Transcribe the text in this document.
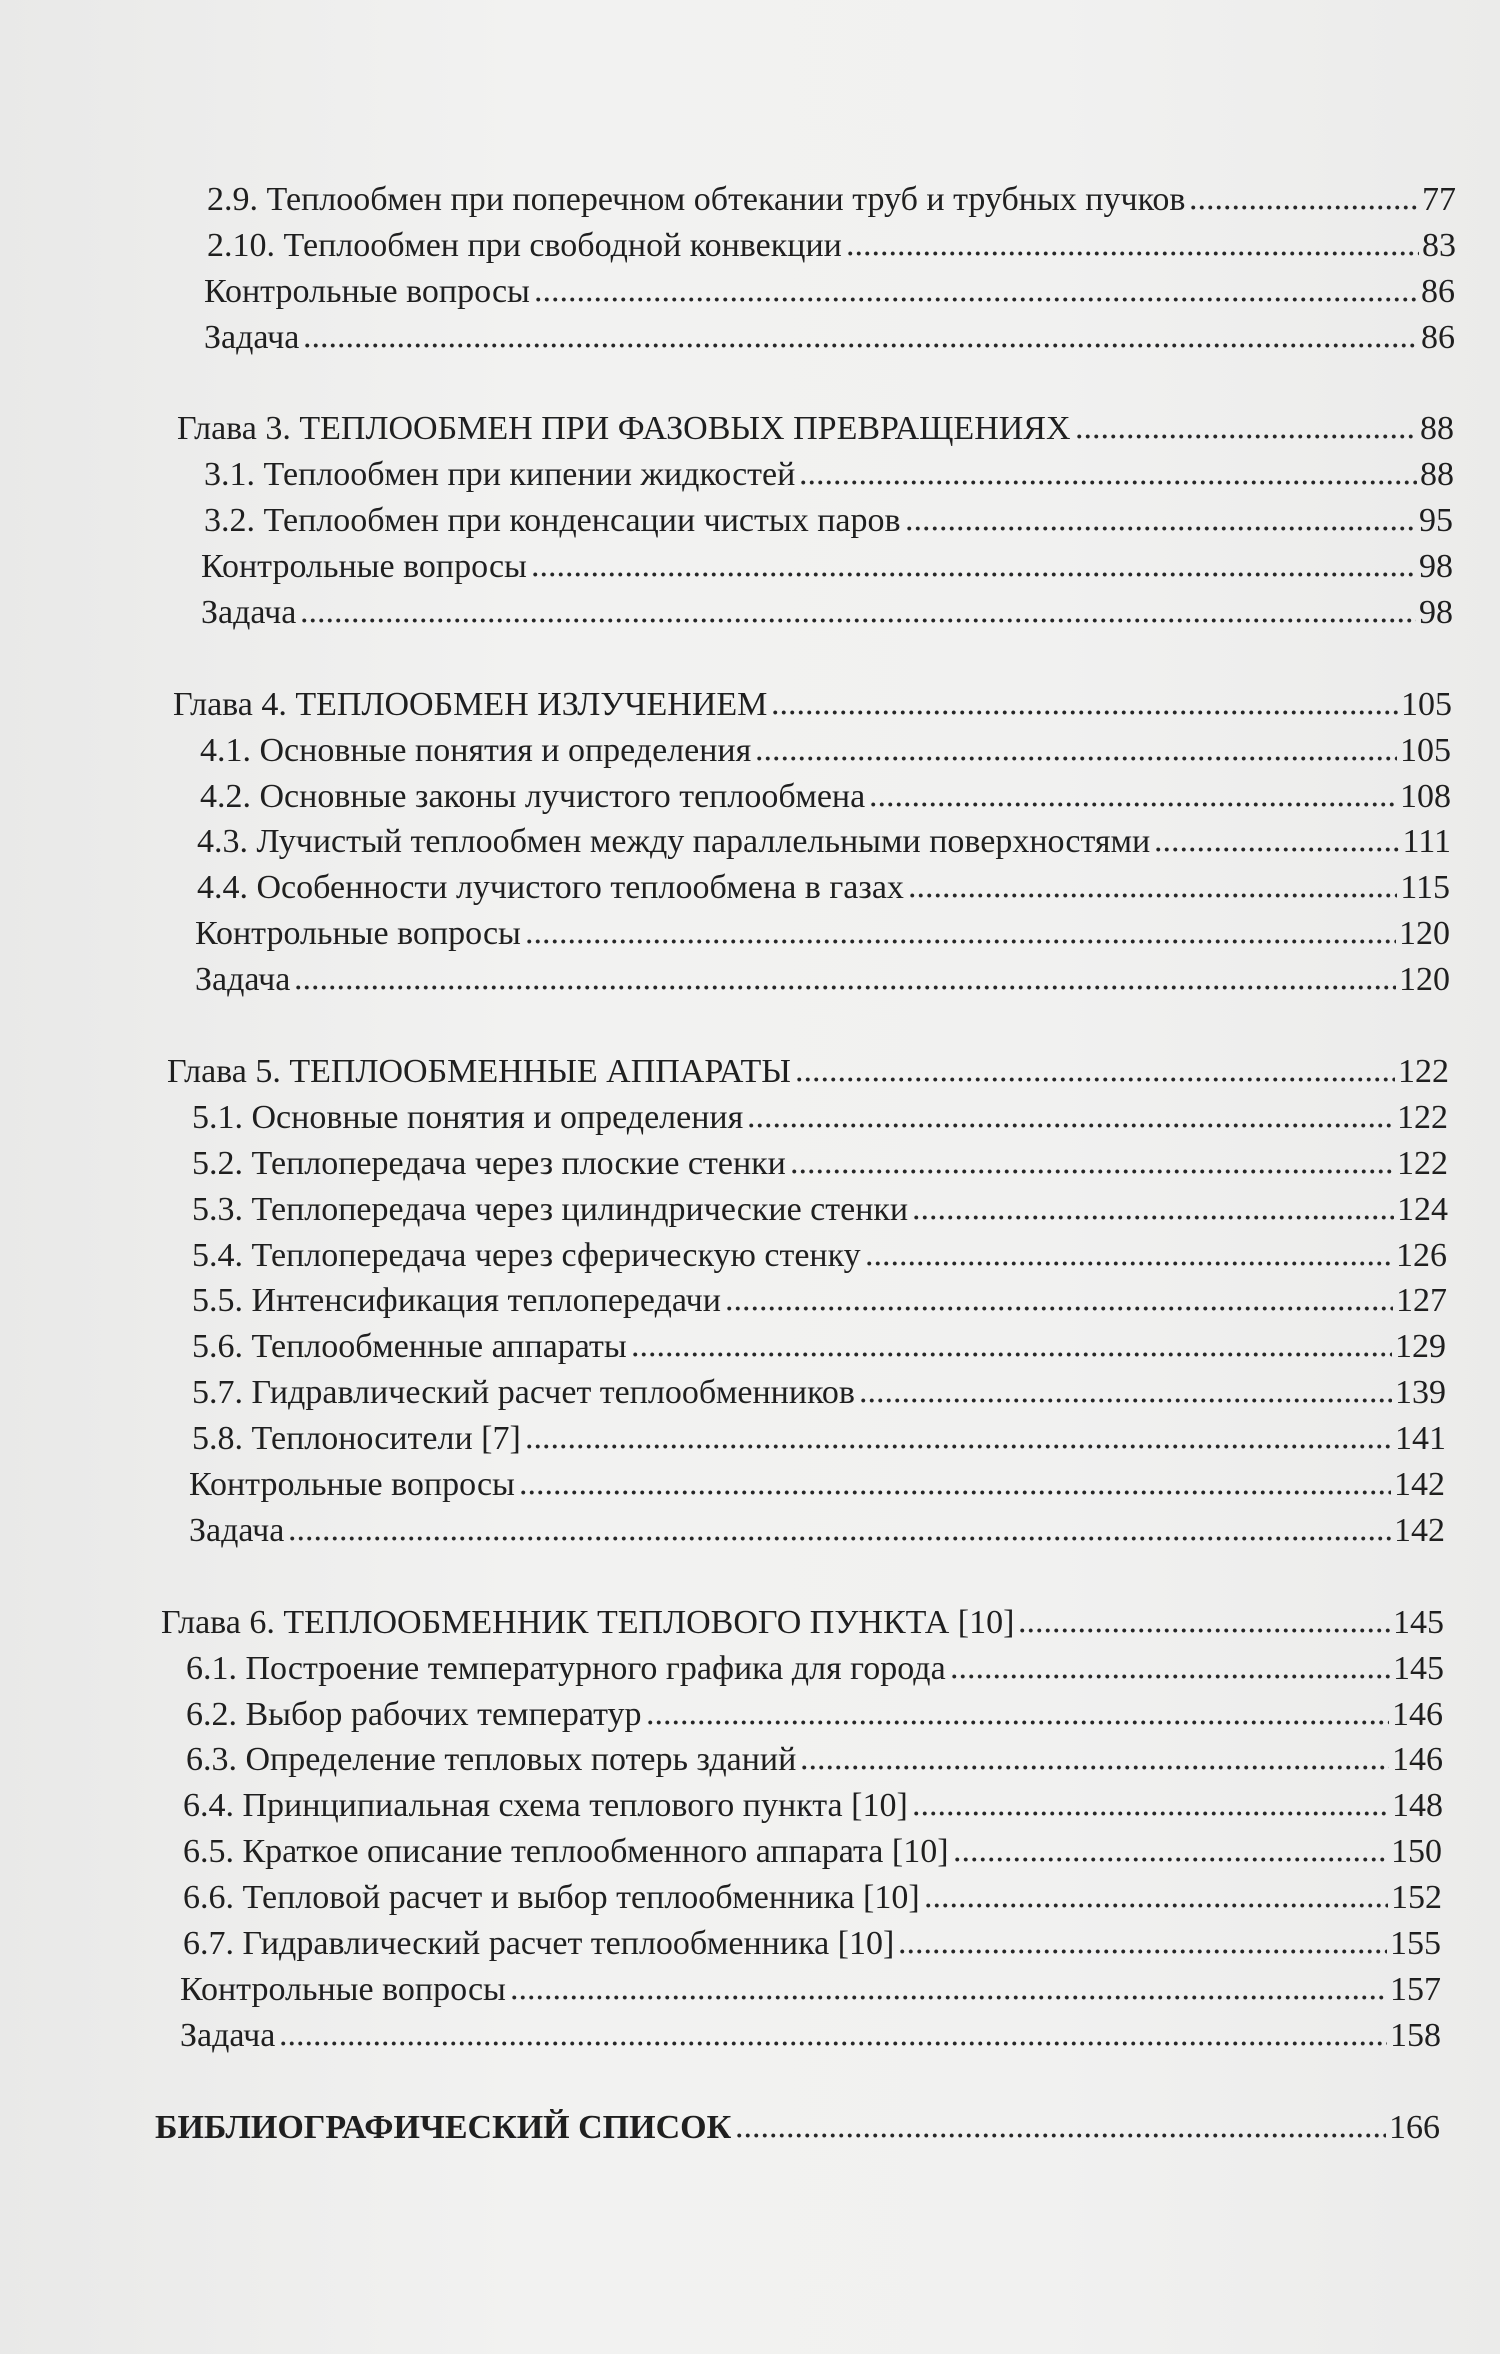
2.9. Теплообмен при поперечном обтекании труб и трубных пучков	77
2.10. Теплообмен при свободной конвекции	83
Контрольные вопросы	86
Задача	86
Глава 3. ТЕПЛООБМЕН ПРИ ФАЗОВЫХ ПРЕВРАЩЕНИЯХ	88
3.1. Теплообмен при кипении жидкостей	88
3.2. Теплообмен при конденсации чистых паров	95
Контрольные вопросы	98
Задача	98
Глава 4. ТЕПЛООБМЕН ИЗЛУЧЕНИЕМ	105
4.1. Основные понятия и определения	105
4.2. Основные законы лучистого теплообмена	108
4.3. Лучистый теплообмен между параллельными поверхностями	111
4.4. Особенности лучистого теплообмена в газах	115
Контрольные вопросы	120
Задача	120
Глава 5. ТЕПЛООБМЕННЫЕ АППАРАТЫ	122
5.1. Основные понятия и определения	122
5.2. Теплопередача через плоские стенки	122
5.3. Теплопередача через цилиндрические стенки	124
5.4. Теплопередача через сферическую стенку	126
5.5. Интенсификация теплопередачи	127
5.6. Теплообменные аппараты	129
5.7. Гидравлический расчет теплообменников	139
5.8. Теплоносители [7]	141
Контрольные вопросы	142
Задача	142
Глава 6. ТЕПЛООБМЕННИК ТЕПЛОВОГО ПУНКТА [10]	145
6.1. Построение температурного графика для города	145
6.2. Выбор рабочих температур	146
6.3. Определение тепловых потерь зданий	146
6.4. Принципиальная схема теплового пункта [10]	148
6.5. Краткое описание теплообменного аппарата [10]	150
6.6. Тепловой расчет и выбор теплообменника [10]	152
6.7. Гидравлический расчет теплообменника [10]	155
Контрольные вопросы	157
Задача	158
БИБЛИОГРАФИЧЕСКИЙ СПИСОК	166
